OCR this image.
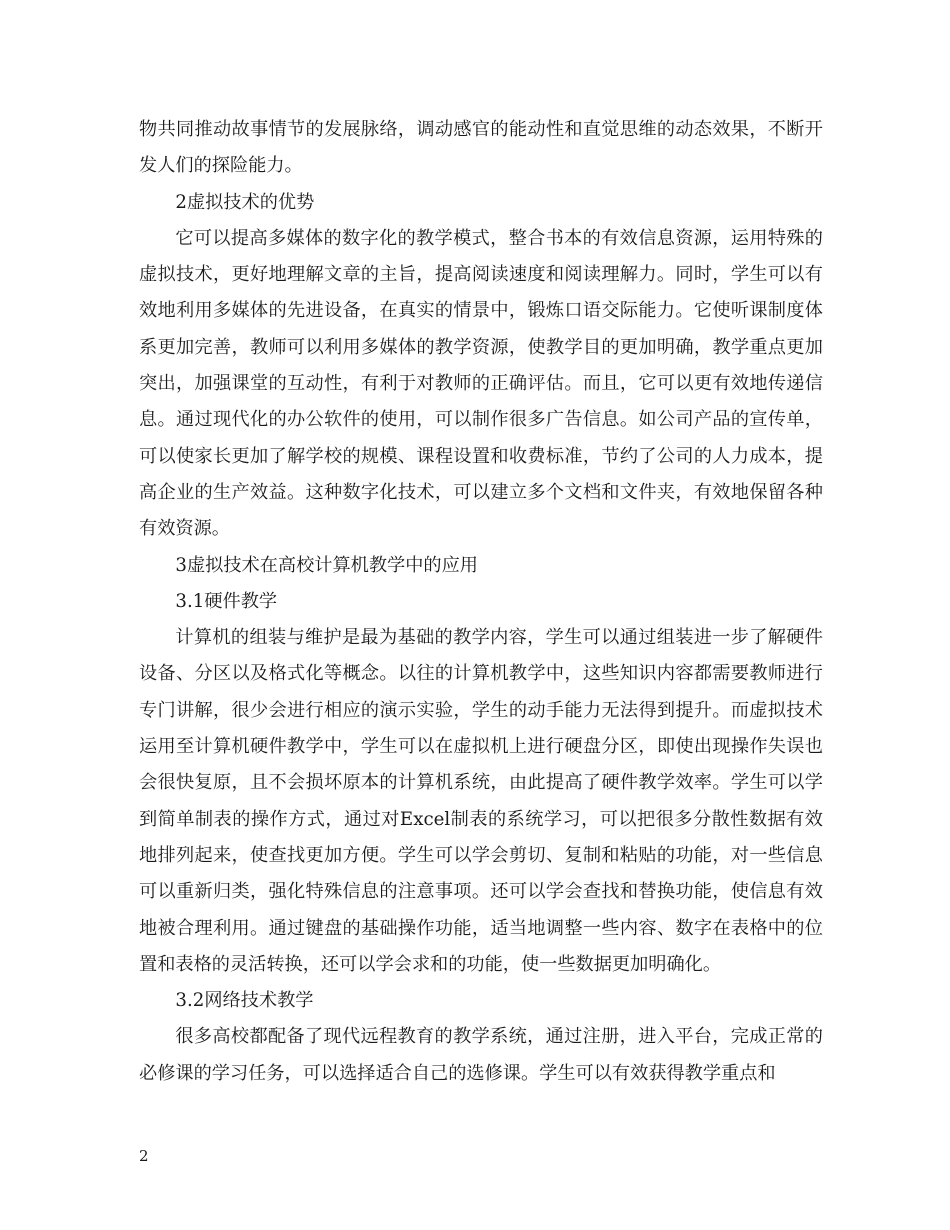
物共同推动故事情节的发展脉络，调动感官的能动性和直觉思维的动态效果，不断开发人们的探险能力。

2虚拟技术的优势

它可以提高多媒体的数字化的教学模式，整合书本的有效信息资源，运用特殊的虚拟技术，更好地理解文章的主旨，提高阅读速度和阅读理解力。同时，学生可以有效地利用多媒体的先进设备，在真实的情景中，锻炼口语交际能力。它使听课制度体系更加完善，教师可以利用多媒体的教学资源，使教学目的更加明确，教学重点更加突出，加强课堂的互动性，有利于对教师的正确评估。而且，它可以更有效地传递信息。通过现代化的办公软件的使用，可以制作很多广告信息。如公司产品的宣传单，可以使家长更加了解学校的规模、课程设置和收费标准，节约了公司的人力成本，提高企业的生产效益。这种数字化技术，可以建立多个文档和文件夹，有效地保留各种有效资源。

3虚拟技术在高校计算机教学中的应用

3.1硬件教学

计算机的组装与维护是最为基础的教学内容，学生可以通过组装进一步了解硬件设备、分区以及格式化等概念。以往的计算机教学中，这些知识内容都需要教师进行专门讲解，很少会进行相应的演示实验，学生的动手能力无法得到提升。而虚拟技术运用至计算机硬件教学中，学生可以在虚拟机上进行硬盘分区，即使出现操作失误也会很快复原，且不会损坏原本的计算机系统，由此提高了硬件教学效率。学生可以学到简单制表的操作方式，通过对Excel制表的系统学习，可以把很多分散性数据有效地排列起来，使查找更加方便。学生可以学会剪切、复制和粘贴的功能，对一些信息可以重新归类，强化特殊信息的注意事项。还可以学会查找和替换功能，使信息有效地被合理利用。通过键盘的基础操作功能，适当地调整一些内容、数字在表格中的位置和表格的灵活转换，还可以学会求和的功能，使一些数据更加明确化。

3.2网络技术教学

很多高校都配备了现代远程教育的教学系统，通过注册，进入平台，完成正常的必修课的学习任务，可以选择适合自己的选修课。学生可以有效获得教学重点和

2
